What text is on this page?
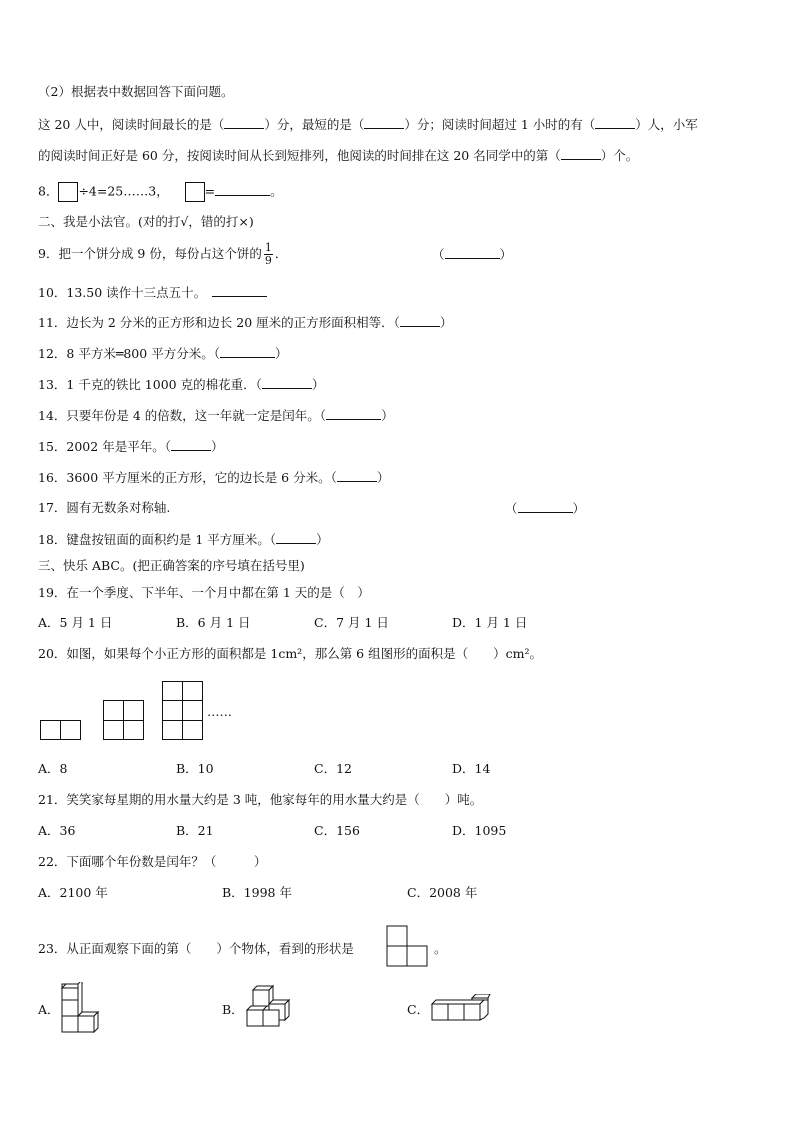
（2）根据表中数据回答下面问题。
这 20 人中，阅读时间最长的是（	）分，最短的是（	）分；阅读时间超过 1 小时的有（	）人，小军
的阅读时间正好是 60 分，按阅读时间从长到短排列，他阅读的时间排在这 20 名同学中的第（	）个。
8． ÷4=25……3，	=	。
二、我是小法官。(对的打√，错的打×)
9．把一个饼分成 9 份，每份占这个饼的 $\frac{1}{9}$ ．	（	）
10．13.50 读作十三点五十。
11．边长为 2 分米的正方形和边长 20 厘米的正方形面积相等．（	）
12．8 平方米═800 平方分米。（	）
13．1 千克的铁比 1000 克的棉花重．（	）
14．只要年份是 4 的倍数，这一年就一定是闰年。（	）
15．2002 年是平年。（	）
16．3600 平方厘米的正方形，它的边长是 6 分米。（	）
17．圆有无数条对称轴.	（	）
18．键盘按钮面的面积约是 1 平方厘米。（	）
三、快乐 ABC。(把正确答案的序号填在括号里)
19．在一个季度、下半年、一个月中都在第 1 天的是（　）
A．5 月 1 日	B．6 月 1 日	C．7 月 1 日	D．1 月 1 日
20．如图，如果每个小正方形的面积都是 1cm²，那么第 6 组图形的面积是（　　）cm²。
……
A．8	B．10	C．12	D．14
21．笑笑家每星期的用水量大约是 3 吨，他家每年的用水量大约是（　　）吨。
A．36	B．21	C．156	D．1095
22．下面哪个年份数是闰年？（　　　）
A．2100 年	B．1998 年	C．2008 年
23．从正面观察下面的第（　　）个物体，看到的形状是	。
A．	B．	C．
